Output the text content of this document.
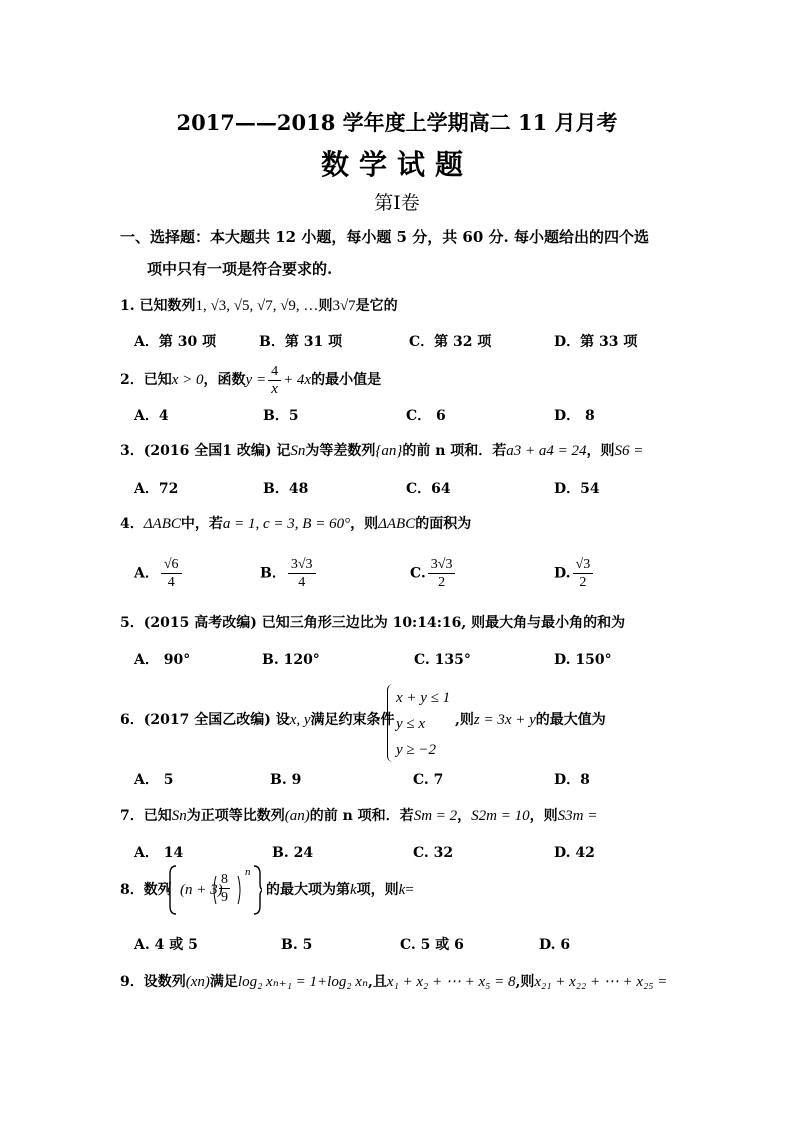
2017——2018 学年度上学期高二 11 月月考
数学试题
第Ⅰ卷
一、选择题：本大题共 12 小题，每小题 5 分，共 60 分. 每小题给出的四个选
项中只有一项是符合要求的.
1. 已知数列1, √3, √5, √7, √9, …则3√7是它的
A．第 30 项	B．第 31 项	C．第 32 项	D．第 33 项
2．已知x > 0，函数$y = \frac{4}{x} + 4x$的最小值是
A．4	B．5	C． 6	D． 8
3．(2016 全国1 改编) 记Sn为等差数列{an}的前 n 项和．若a3 + a4 = 24，则S6 =
A．72	B．48	C．64	D．54
4．ΔABC中，若a = 1, c = 3, B = 60°，则ΔABC的面积为
A． $\frac{√6}{4}$	B． $\frac{3√3}{4}$	C. $\frac{3√3}{2}$	D. $\frac{√3}{2}$
5．(2015 高考改编) 已知三角形三边比为 10:14:16, 则最大角与最小角的和为
A． 90°	B. 120°	C. 135°	D. 150°
6．(2017 全国乙改编) 设x, y满足约束条件
x + y ≤ 1
y ≤ x
y ≥ −2
,则z = 3x + y的最大值为
A． 5	B. 9	C. 7	D．8
7．已知Sn为正项等比数列(an)的前 n 项和．若Sm = 2，S2m = 10，则S3m =
A． 14	B. 24	C. 32	D. 42
8．数列 (n + 3)
$\frac{8}{9}$ n
的最大项为第k项，则k=
A. 4 或 5	B. 5	C. 5 或 6	D. 6
9．设数列(xn)满足log₂ xₙ₊₁ = 1+log₂ xₙ,且x₁ + x₂ + ⋯ + x₅ = 8,则x₂₁ + x₂₂ + ⋯ + x₂₅ =
